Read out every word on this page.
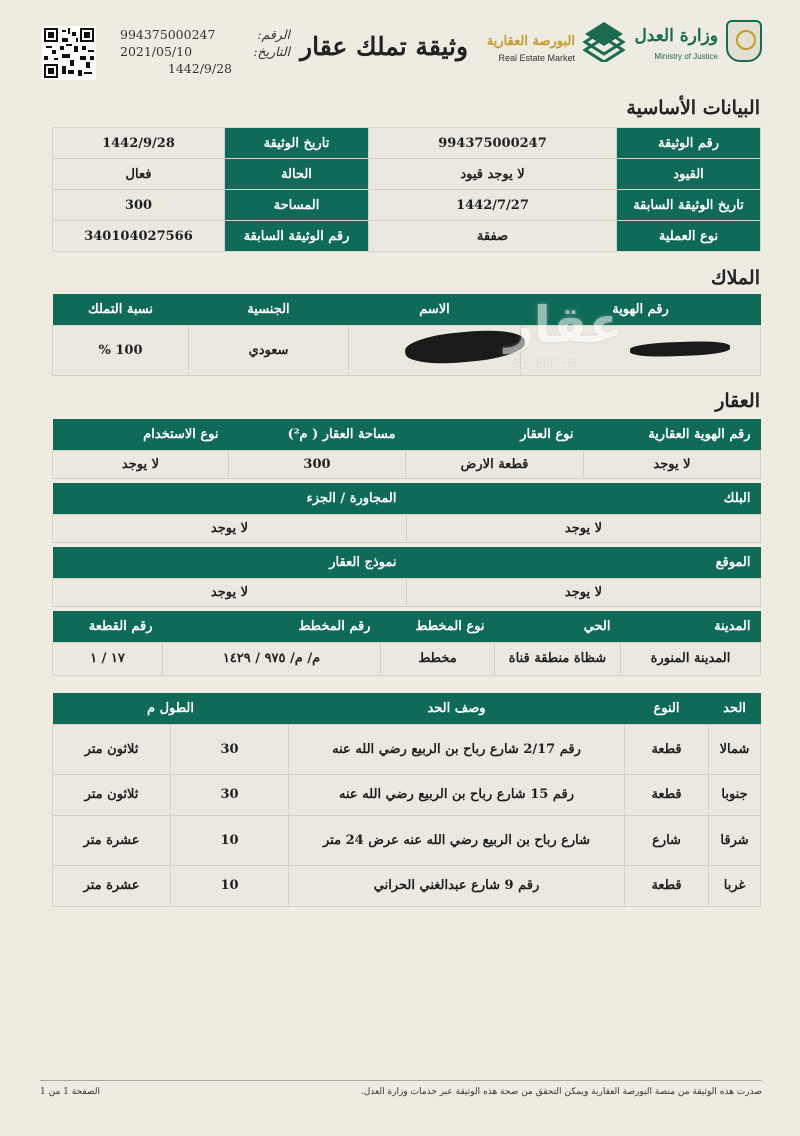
وزارة العدل
Ministry of Justice
البورصة العقارية
Real Estate Market
وثيقة تملك عقار
الرقم:
994375000247
التاريخ:
2021/05/10
1442/9/28
البيانات الأساسية
رقم الوثيقة	994375000247	تاريخ الوثيقة	1442/9/28
القيود	لا يوجد قيود	الحالة	فعال
تاريخ الوثيقة السابقة	1442/7/27	المساحة	300
نوع العملية	صفقة	رقم الوثيقة السابقة	340104027566
الملاك
رقم الهوية	الاسم	الجنسية	نسبة التملك
		سعودي	100 %	عقار
sa.aqar.fm
العقار
رقم الهوية العقارية	نوع العقار	مساحة العقار ( م²)	نوع الاستخدام
لا يوجد	قطعة الارض	300	لا يوجد
البلك	المجاورة / الجزء
لا يوجد	لا يوجد
الموقع	نموذج العقار
لا يوجد	لا يوجد
المدينة	الحي	نوع المخطط	رقم المخطط	رقم القطعة
المدينة المنورة	شظاة منطقة قناة	مخطط	م/ م/ ٩٧٥ / ١٤٢٩	١٧ / ١
الحد	النوع	وصف الحد	الطول م	
شمالا	قطعة	رقم 2/17 شارع رباح بن الربيع رضي الله عنه	30	ثلاثون متر
جنوبا	قطعة	رقم 15 شارع رباح بن الربيع رضي الله عنه	30	ثلاثون متر
شرقا	شارع	شارع رباح بن الربيع رضي الله عنه عرض 24 متر	10	عشرة متر
غربا	قطعة	رقم 9 شارع عبدالغني الحراني	10	عشرة متر
صدرت هذه الوثيقة من منصة البورصة العقارية ويمكن التحقق من صحة هذه الوثيقة عبر خدمات وزارة العدل.
الصفحة 1 من 1
